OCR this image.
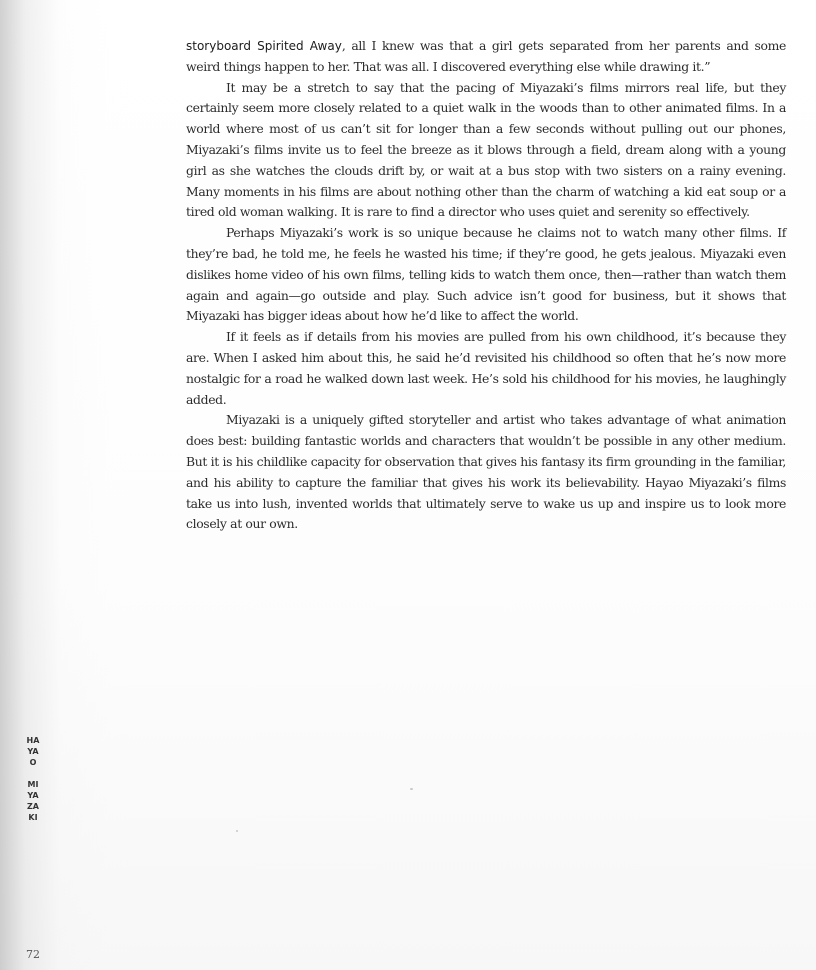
storyboard Spirited Away, all I knew was that a girl gets separated from her parents and some weird things happen to her. That was all. I discovered everything else while drawing it.”

It may be a stretch to say that the pacing of Miyazaki’s films mirrors real life, but they certainly seem more closely related to a quiet walk in the woods than to other animated films. In a world where most of us can’t sit for longer than a few seconds without pulling out our phones, Miyazaki’s films invite us to feel the breeze as it blows through a field, dream along with a young girl as she watches the clouds drift by, or wait at a bus stop with two sisters on a rainy evening. Many moments in his films are about nothing other than the charm of watching a kid eat soup or a tired old woman walking. It is rare to find a director who uses quiet and serenity so effectively.

Perhaps Miyazaki’s work is so unique because he claims not to watch many other films. If they’re bad, he told me, he feels he wasted his time; if they’re good, he gets jealous. Miyazaki even dislikes home video of his own films, telling kids to watch them once, then—rather than watch them again and again—go outside and play. Such advice isn’t good for business, but it shows that Miyazaki has bigger ideas about how he’d like to affect the world.

If it feels as if details from his movies are pulled from his own childhood, it’s because they are. When I asked him about this, he said he’d revisited his childhood so often that he’s now more nostalgic for a road he walked down last week. He’s sold his childhood for his movies, he laughingly added.

Miyazaki is a uniquely gifted storyteller and artist who takes advantage of what animation does best: building fantastic worlds and characters that wouldn’t be possible in any other medium. But it is his childlike capacity for observation that gives his fantasy its firm grounding in the familiar, and his ability to capture the familiar that gives his work its believability. Hayao Miyazaki’s films take us into lush, invented worlds that ultimately serve to wake us up and inspire us to look more closely at our own.

HAYAO
MIYAZAKI
72
